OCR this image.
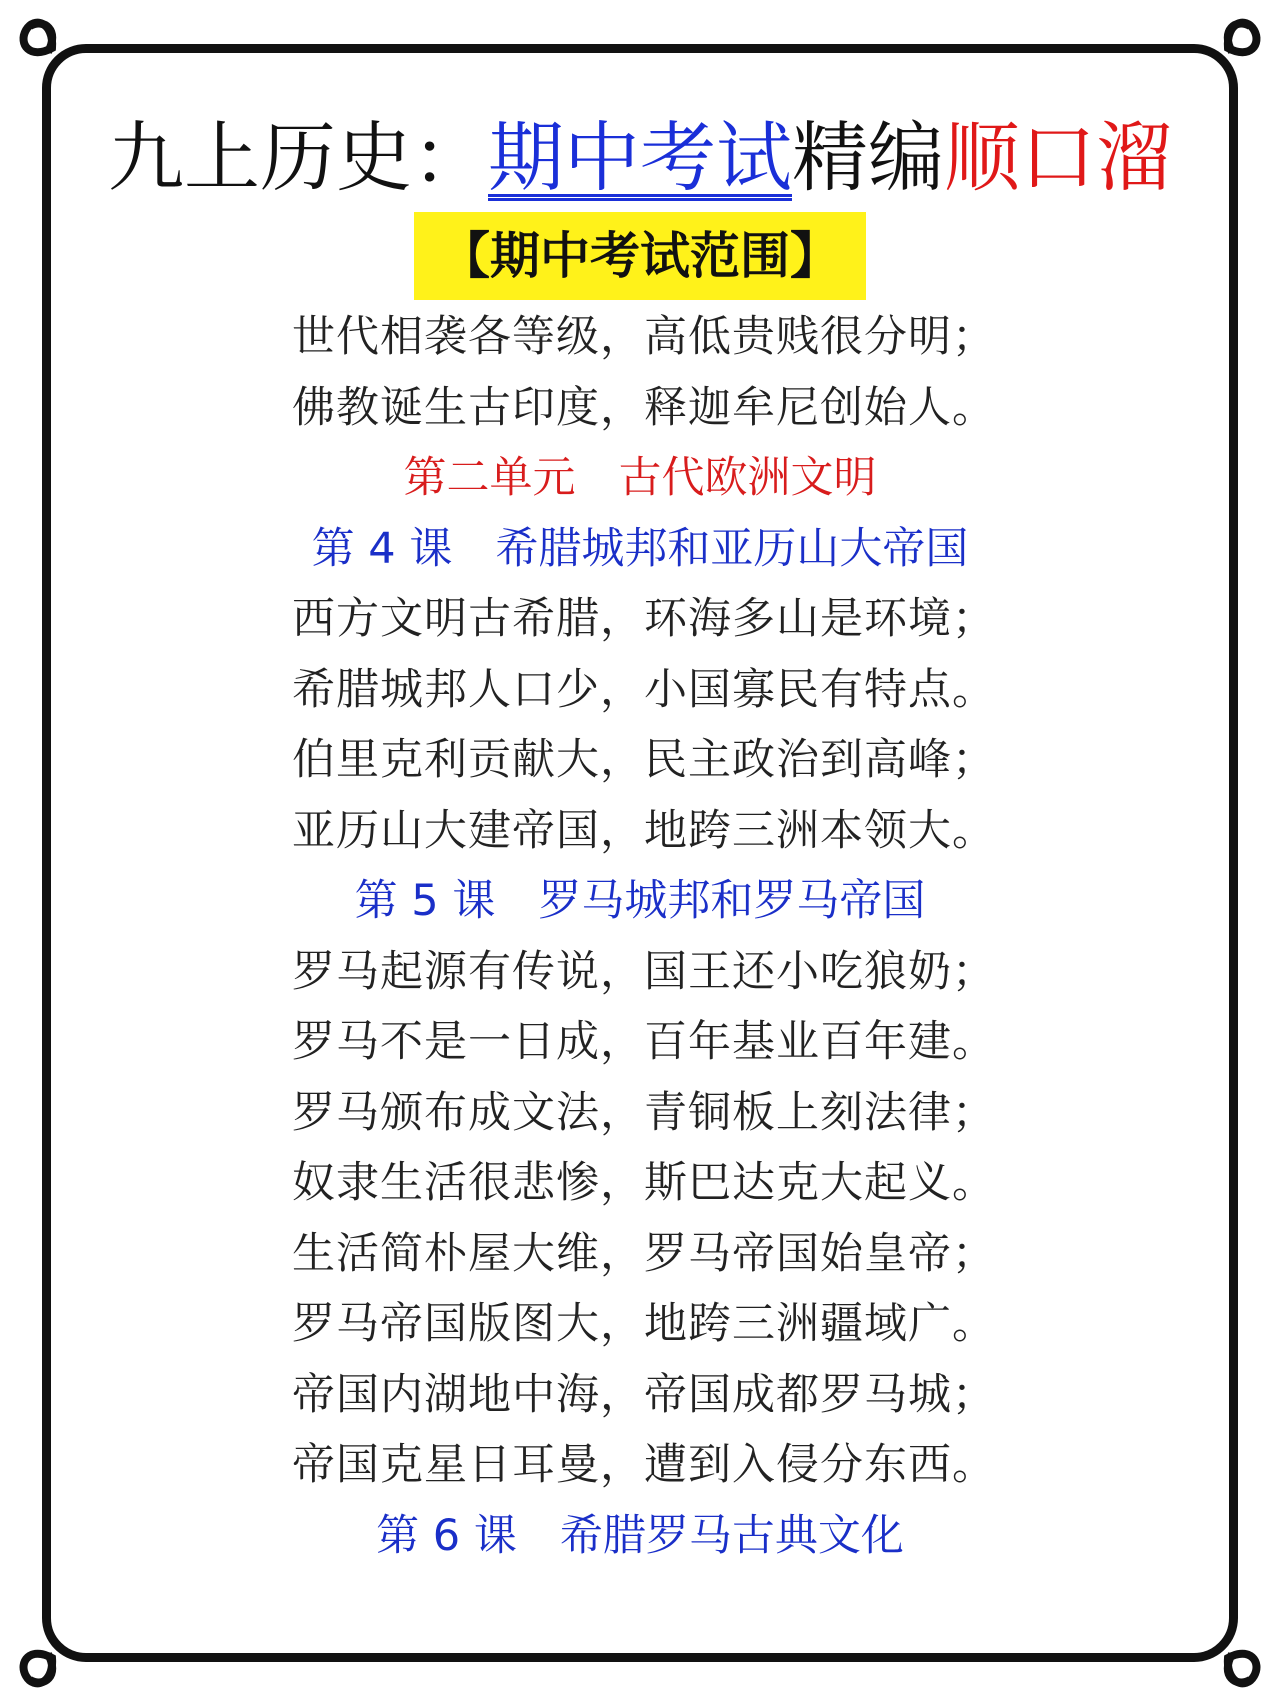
九上历史：期中考试精编顺口溜
【期中考试范围】
世代相袭各等级，高低贵贱很分明；
佛教诞生古印度，释迦牟尼创始人。
第二单元　古代欧洲文明
第 4 课　希腊城邦和亚历山大帝国
西方文明古希腊，环海多山是环境；
希腊城邦人口少，小国寡民有特点。
伯里克利贡献大，民主政治到高峰；
亚历山大建帝国，地跨三洲本领大。
第 5 课　罗马城邦和罗马帝国
罗马起源有传说，国王还小吃狼奶；
罗马不是一日成，百年基业百年建。
罗马颁布成文法，青铜板上刻法律；
奴隶生活很悲惨，斯巴达克大起义。
生活简朴屋大维，罗马帝国始皇帝；
罗马帝国版图大，地跨三洲疆域广。
帝国内湖地中海，帝国成都罗马城；
帝国克星日耳曼，遭到入侵分东西。
第 6 课　希腊罗马古典文化
